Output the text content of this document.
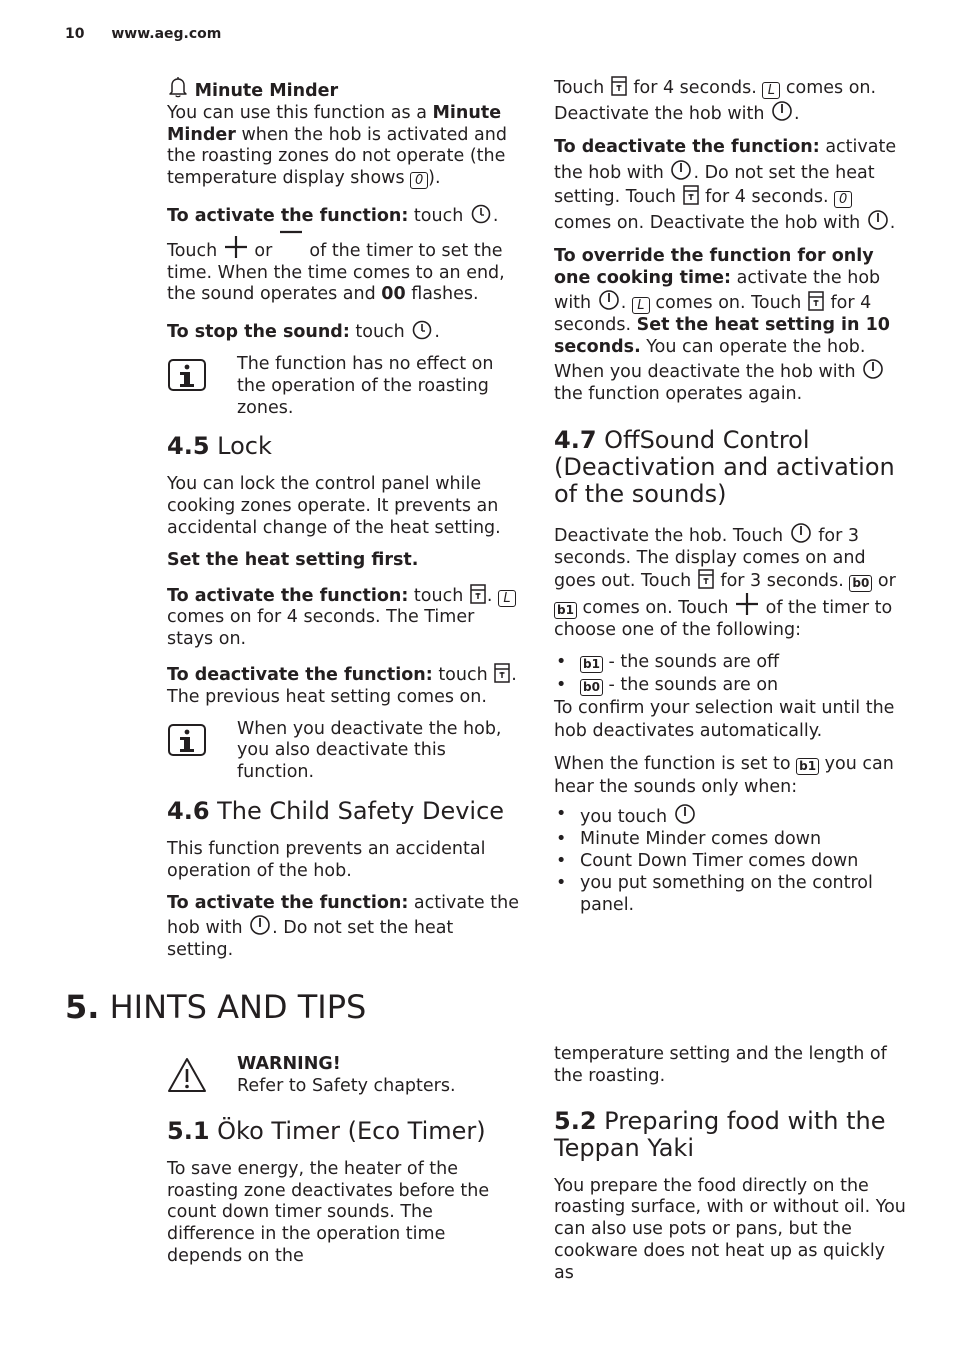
10 www.aeg.com

Minute Minder
You can use this function as a Minute Minder when the hob is activated and the roasting zones do not operate (the temperature display shows 0 ).

To activate the function: touch .
Touch  or  of the timer to set the time. When the time comes to an end, the sound operates and 00 flashes.

To stop the sound: touch .

The function has no effect on the operation of the roasting zones.
4.5 Lock

You can lock the control panel while cooking zones operate. It prevents an accidental change of the heat setting.

Set the heat setting first.

To activate the function: touch . L comes on for 4 seconds. The Timer stays on.

To deactivate the function: touch . The previous heat setting comes on.

When you deactivate the hob, you also deactivate this function.
4.6 The Child Safety Device

This function prevents an accidental operation of the hob.

To activate the function: activate the hob with . Do not set the heat setting.

Touch  for 4 seconds. L comes on. Deactivate the hob with .

To deactivate the function: activate the hob with . Do not set the heat setting. Touch  for 4 seconds. 0 comes on. Deactivate the hob with .

To override the function for only one cooking time: activate the hob with . L comes on. Touch  for 4 seconds. Set the heat setting in 10 seconds. You can operate the hob. When you deactivate the hob with  the function operates again.

4.7 OffSound Control (Deactivation and activation of the sounds)

Deactivate the hob. Touch  for 3 seconds. The display comes on and goes out. Touch  for 3 seconds. b0 or b1 comes on. Touch  of the timer to choose one of the following:

• b1 - the sounds are off
• b0 - the sounds are on

To confirm your selection wait until the hob deactivates automatically.

When the function is set to b1 you can hear the sounds only when:

• you touch
• Minute Minder comes down
• Count Down Timer comes down
• you put something on the control panel.
5. HINTS AND TIPS
WARNING!
Refer to Safety chapters.
5.1 Öko Timer (Eco Timer)

To save energy, the heater of the roasting zone deactivates before the count down timer sounds. The difference in the operation time depends on the

temperature setting and the length of the roasting.

5.2 Preparing food with the Teppan Yaki

You prepare the food directly on the roasting surface, with or without oil. You can also use pots or pans, but the cookware does not heat up as quickly as
